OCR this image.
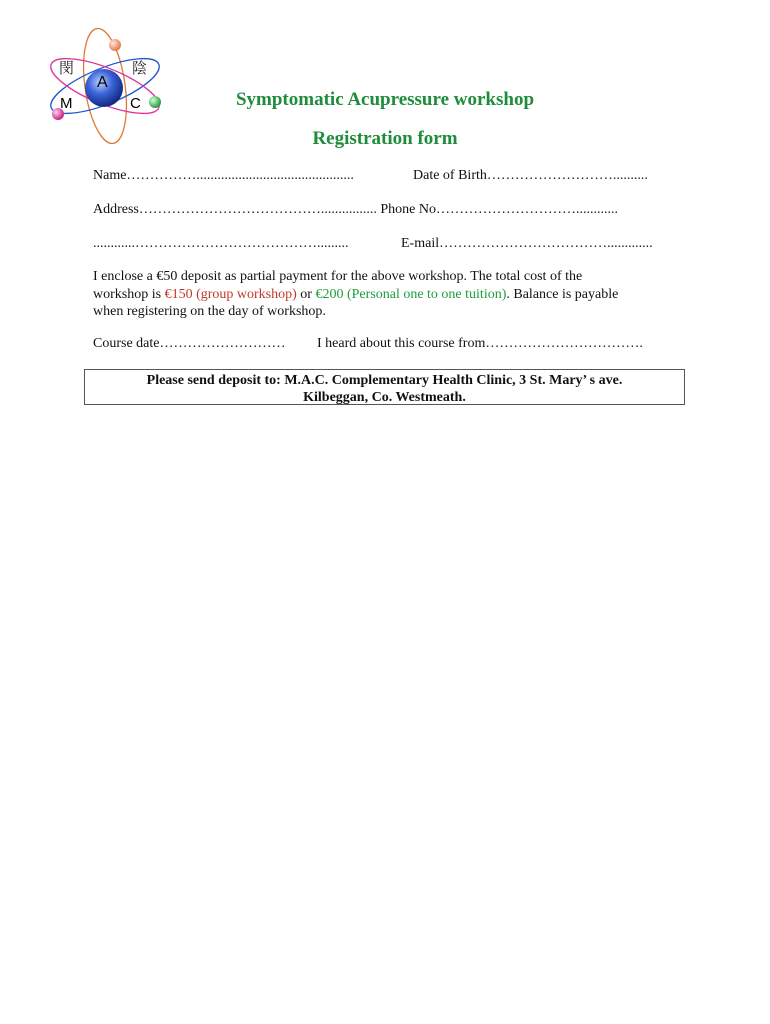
閔	陰
A
M	C	Symptomatic Acupressure workshop
Registration form
Name…………….............................................	Date of Birth………………………..........
Address…………………………………................ Phone No…………………………............
............………………………………….........	E-mail……………………………….............
I enclose a €50 deposit as partial payment for the above workshop. The total cost of the
workshop is €150 (group workshop) or €200 (Personal one to one tuition). Balance is payable
when registering on the day of workshop.
Course date……………………… I heard about this course from…………………………….
Please send deposit to: M.A.C. Complementary Health Clinic, 3 St. Mary’ s ave.
Kilbeggan, Co. Westmeath.
